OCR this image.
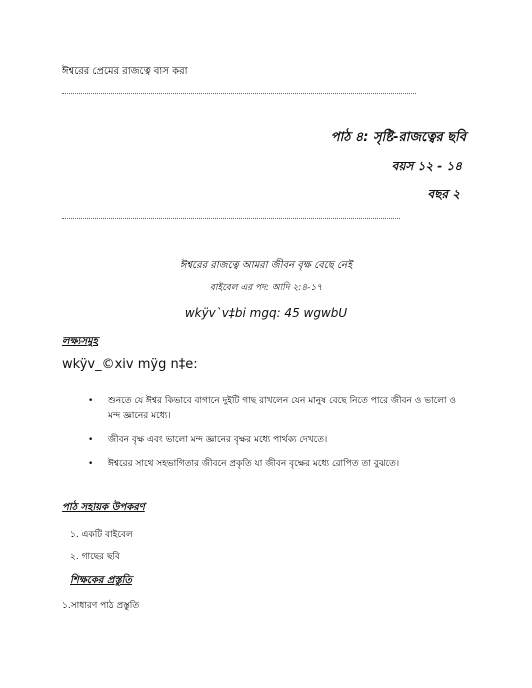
ঈশ্বরের প্রেমের রাজত্বে বাস করা
পাঠ ৪: সৃষ্টি-রাজত্বের ছবি
বয়স ১২ - ১৪
বছর ২
ঈশ্বরের রাজত্বে আমরা জীবন বৃক্ষ বেছে নেই
বাইবেল এর পদ: আদি ২:৪-১৭
wkÿv`v‡bi mgq: 45 wgwbU
লক্ষ্যসমুহ
wkÿv_©xiv mÿg n‡e:
• শুনতে যে ঈশ্বর কিভাবে বাগানে দুইটি গাছ রাখলেন যেন মানুষ বেছে নিতে পারে জীবন ও ভালো ও মন্দ জ্ঞানের মধ্যে।
• জীবন বৃক্ষ এবং ভালো মন্দ জ্ঞানের বৃক্ষর মধ্যে পার্থক্য দেখতে।
• ঈশ্বরের সাথে সহভাগিতার জীবনে প্রকৃতি যা জীবন বৃক্ষের মধ্যে রোপিত তা বুঝতে।
পাঠ সহায়ক উপকরণ
১. একটি বাইবেল
২. গাছের ছবি
শিক্ষকের প্রস্তুতি
১.সাধারণ পাঠ প্রস্তুতি
